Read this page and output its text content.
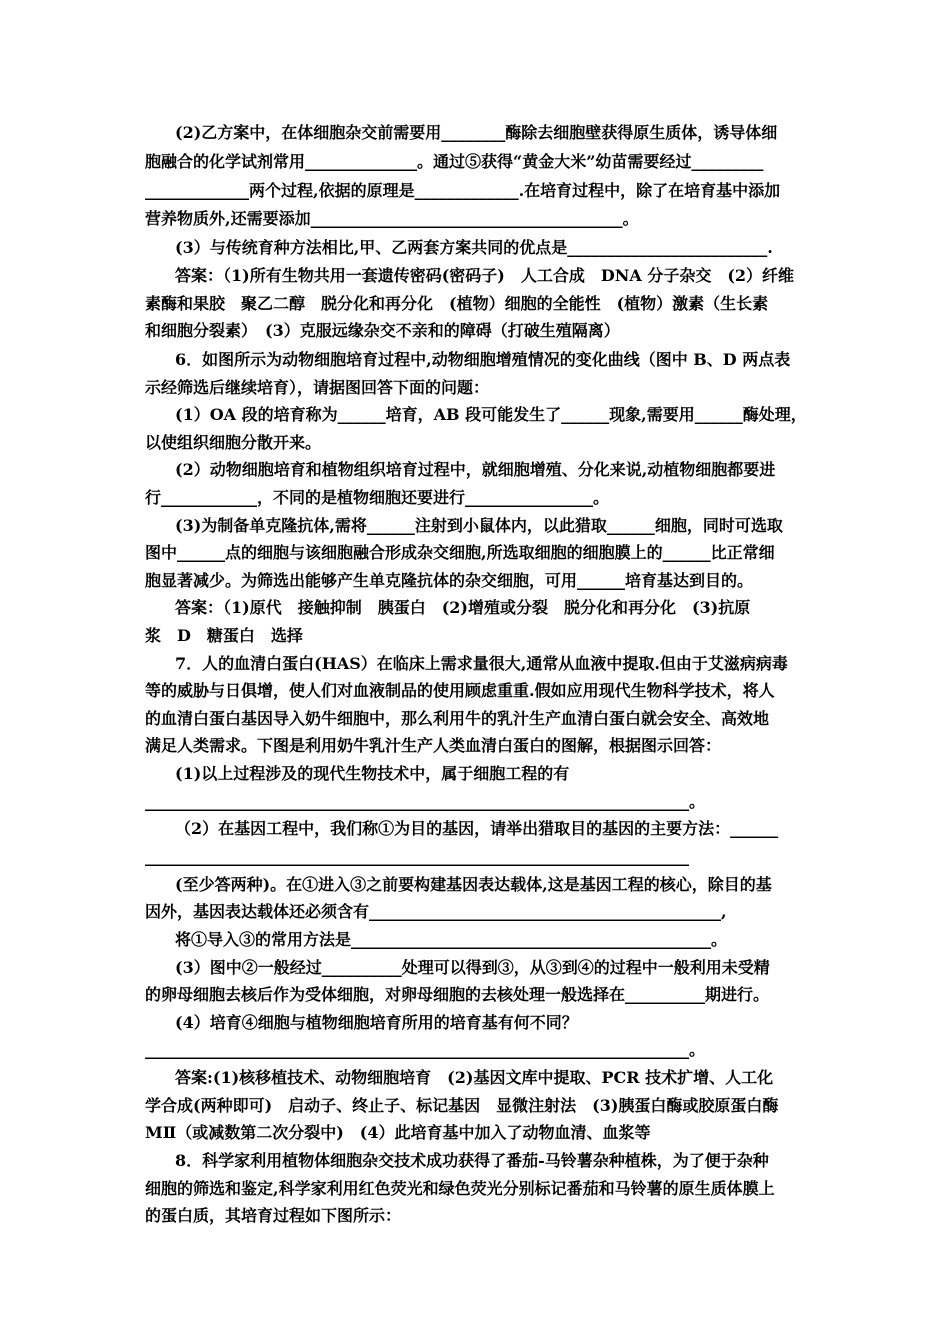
(2)乙方案中，在体细胞杂交前需要用________酶除去细胞壁获得原生质体，诱导体细
胞融合的化学试剂常用______________。通过⑤获得“黄金大米”幼苗需要经过_________
_____________两个过程,依据的原理是_____________.在培育过程中，除了在培育基中添加
营养物质外,还需要添加_______________________________________。
(3）与传统育种方法相比,甲、乙两套方案共同的优点是_________________________.
答案：（1)所有生物共用一套遗传密码(密码子)　人工合成　DNA 分子杂交　(2）纤维
素酶和果胶　聚乙二醇　脱分化和再分化　(植物）细胞的全能性　(植物）激素（生长素
和细胞分裂素）　(3）克服远缘杂交不亲和的障碍（打破生殖隔离）
6．如图所示为动物细胞培育过程中,动物细胞增殖情况的变化曲线（图中 B、D 两点表
示经筛选后继续培育），请据图回答下面的问题：
(1）OA 段的培育称为______培育，AB 段可能发生了______现象,需要用______酶处理，
以使组织细胞分散开来。
(2）动物细胞培育和植物组织培育过程中，就细胞增殖、分化来说,动植物细胞都要进
行____________，不同的是植物细胞还要进行________________。
(3)为制备单克隆抗体,需将______注射到小鼠体内，以此猎取______细胞，同时可选取
图中______点的细胞与该细胞融合形成杂交细胞,所选取细胞的细胞膜上的______比正常细
胞显著减少。为筛选出能够产生单克隆抗体的杂交细胞，可用______培育基达到目的。
答案：（1)原代　接触抑制　胰蛋白　(2)增殖或分裂　脱分化和再分化　(3)抗原
浆　D　糖蛋白　选择
7．人的血清白蛋白(HAS）在临床上需求量很大,通常从血液中提取.但由于艾滋病病毒
等的威胁与日俱增，使人们对血液制品的使用顾虑重重.假如应用现代生物科学技术，将人
的血清白蛋白基因导入奶牛细胞中，那么利用牛的乳汁生产血清白蛋白就会安全、高效地
满足人类需求。下图是利用奶牛乳汁生产人类血清白蛋白的图解，根据图示回答：
(1)以上过程涉及的现代生物技术中，属于细胞工程的有
____________________________________________________________________。
（2）在基因工程中，我们称①为目的基因，请举出猎取目的基因的主要方法：______
____________________________________________________________________
(至少答两种)。在①进入③之前要构建基因表达载体,这是基因工程的核心，除目的基
因外，基因表达载体还必须含有____________________________________________,
将①导入③的常用方法是_____________________________________________。
(3）图中②一般经过__________处理可以得到③，从③到④的过程中一般利用未受精
的卵母细胞去核后作为受体细胞，对卵母细胞的去核处理一般选择在__________期进行。
(4）培育④细胞与植物细胞培育所用的培育基有何不同？
____________________________________________________________________。
答案:(1)核移植技术、动物细胞培育　(2)基因文库中提取、PCR 技术扩增、人工化
学合成(两种即可)　启动子、终止子、标记基因　显微注射法　(3)胰蛋白酶或胶原蛋白酶
MⅡ（或减数第二次分裂中)　(4）此培育基中加入了动物血清、血浆等
8．科学家利用植物体细胞杂交技术成功获得了番茄-马铃薯杂种植株，为了便于杂种
细胞的筛选和鉴定,科学家利用红色荧光和绿色荧光分别标记番茄和马铃薯的原生质体膜上
的蛋白质，其培育过程如下图所示：
